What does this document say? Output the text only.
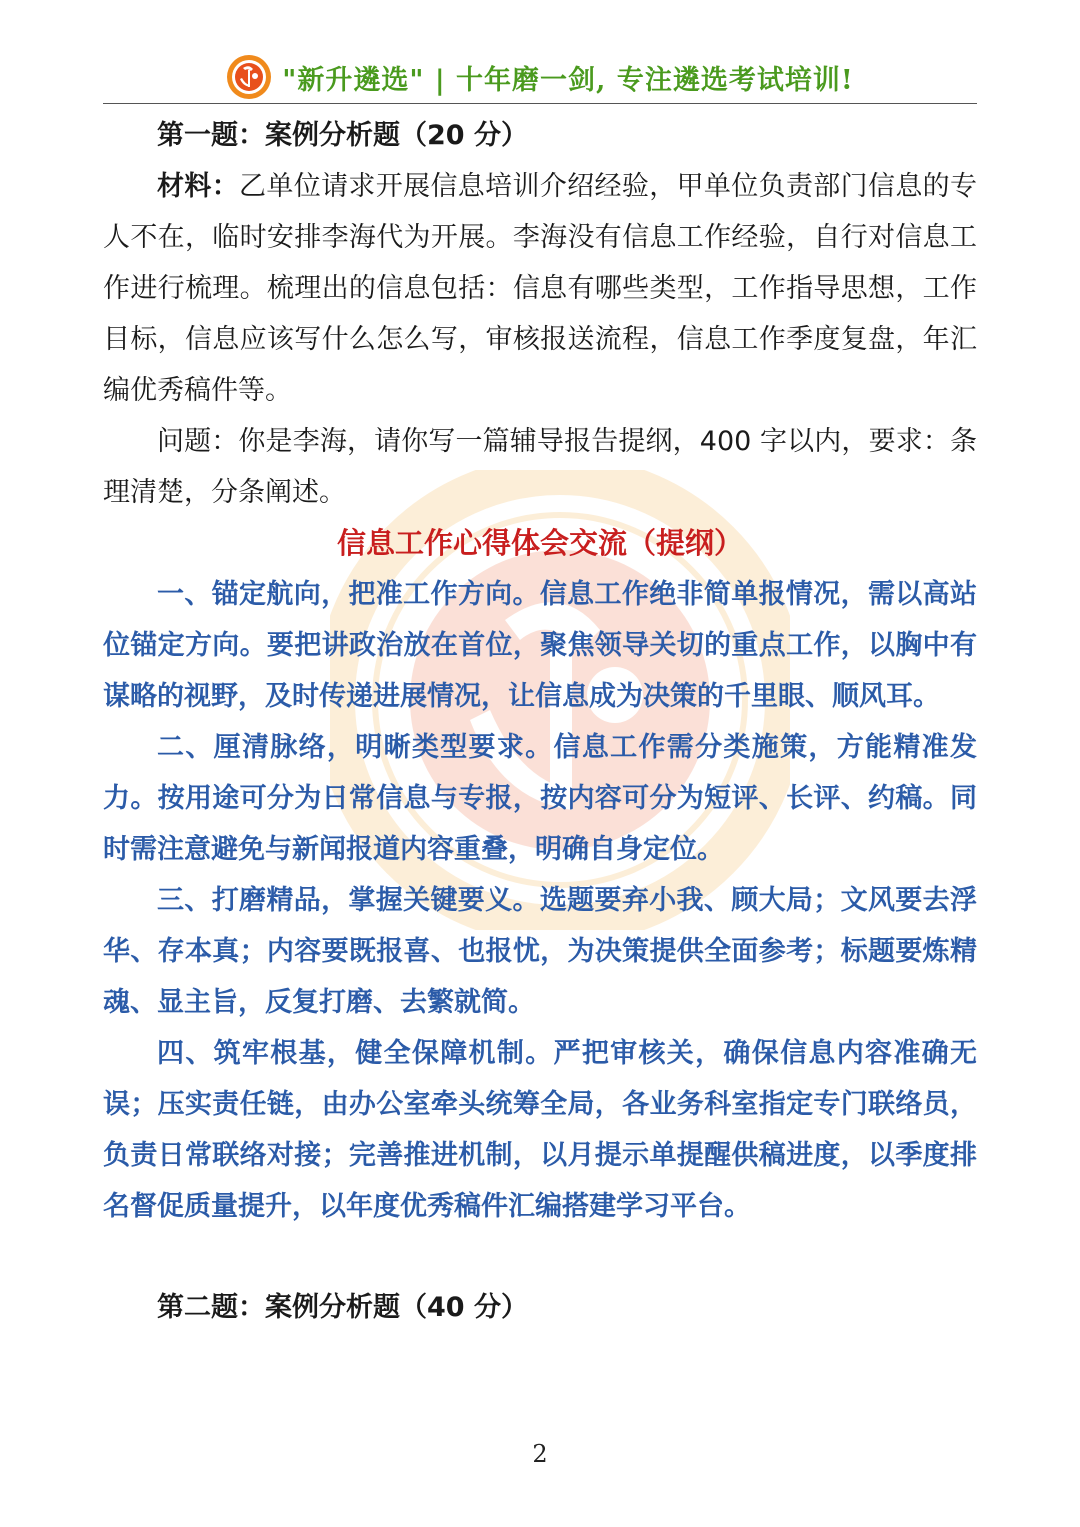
"新升遴选" | 十年磨一剑, 专注遴选考试培训!

第一题：案例分析题（20 分）

材料：乙单位请求开展信息培训介绍经验，甲单位负责部门信息的专人不在，临时安排李海代为开展。李海没有信息工作经验，自行对信息工作进行梳理。梳理出的信息包括：信息有哪些类型，工作指导思想，工作目标，信息应该写什么怎么写，审核报送流程，信息工作季度复盘，年汇编优秀稿件等。

问题：你是李海，请你写一篇辅导报告提纲，400 字以内，要求：条理清楚，分条阐述。

信息工作心得体会交流（提纲）

一、锚定航向，把准工作方向。信息工作绝非简单报情况，需以高站位锚定方向。要把讲政治放在首位，聚焦领导关切的重点工作，以胸中有谋略的视野，及时传递进展情况，让信息成为决策的千里眼、顺风耳。

二、厘清脉络，明晰类型要求。信息工作需分类施策，方能精准发力。按用途可分为日常信息与专报，按内容可分为短评、长评、约稿。同时需注意避免与新闻报道内容重叠，明确自身定位。

三、打磨精品，掌握关键要义。选题要弃小我、顾大局；文风要去浮华、存本真；内容要既报喜、也报忧，为决策提供全面参考；标题要炼精魂、显主旨，反复打磨、去繁就简。

四、筑牢根基，健全保障机制。严把审核关，确保信息内容准确无误；压实责任链，由办公室牵头统筹全局，各业务科室指定专门联络员，负责日常联络对接；完善推进机制，以月提示单提醒供稿进度，以季度排名督促质量提升，以年度优秀稿件汇编搭建学习平台。

第二题：案例分析题（40 分）

2
